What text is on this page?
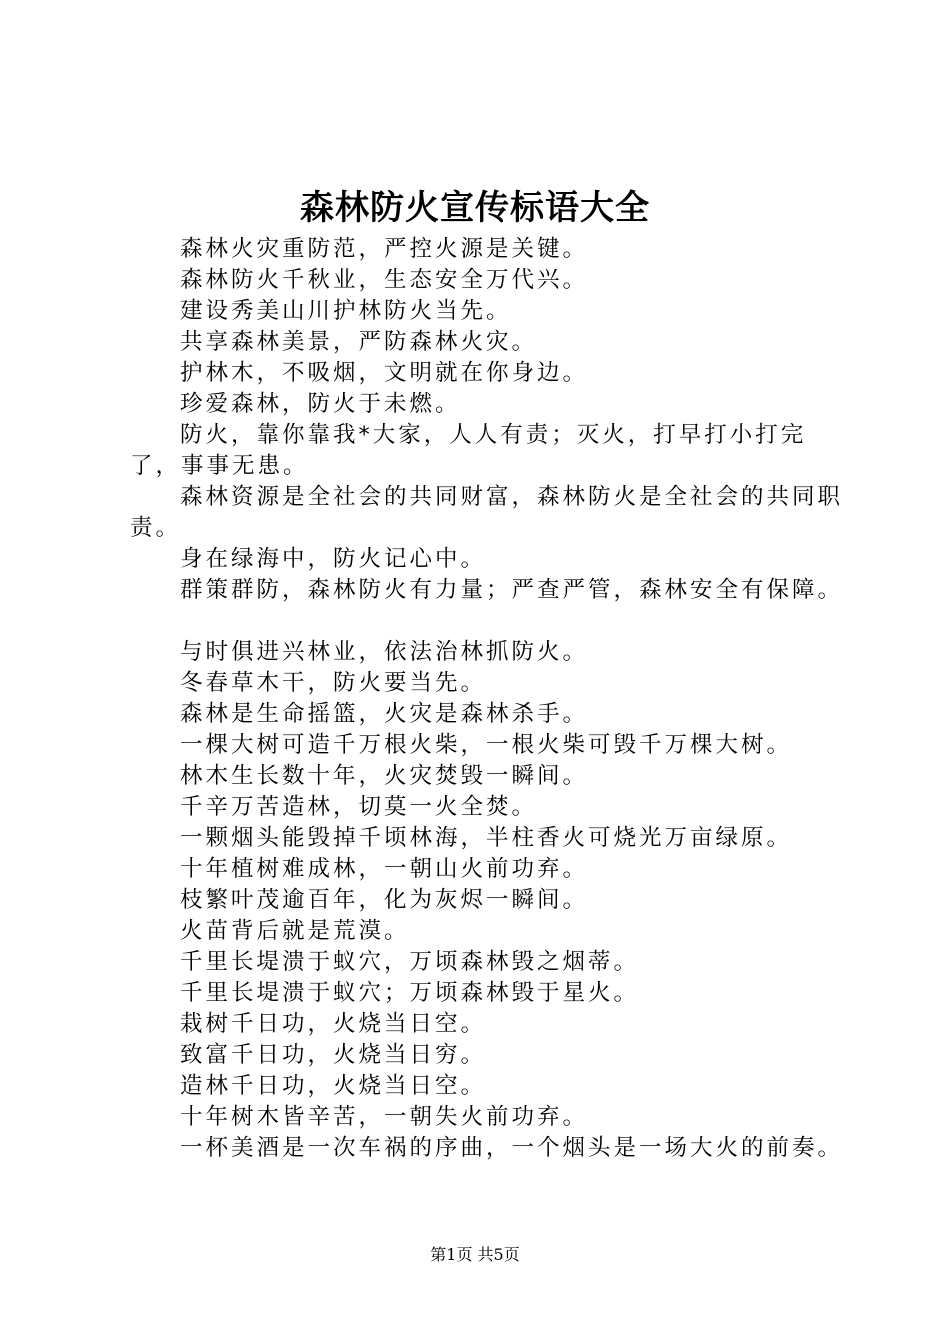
森林防火宣传标语大全

森林火灾重防范，严控火源是关键。

森林防火千秋业，生态安全万代兴。

建设秀美山川护林防火当先。

共享森林美景，严防森林火灾。

护林木，不吸烟，文明就在你身边。

珍爱森林，防火于未燃。

防火，靠你靠我*大家，人人有责；灭火，打早打小打完了，事事无患。

森林资源是全社会的共同财富，森林防火是全社会的共同职责。

身在绿海中，防火记心中。

群策群防，森林防火有力量；严查严管，森林安全有保障。

与时俱进兴林业，依法治林抓防火。

冬春草木干，防火要当先。

森林是生命摇篮，火灾是森林杀手。

一棵大树可造千万根火柴，一根火柴可毁千万棵大树。

林木生长数十年，火灾焚毁一瞬间。

千辛万苦造林，切莫一火全焚。

一颗烟头能毁掉千顷林海，半柱香火可烧光万亩绿原。

十年植树难成林，一朝山火前功弃。

枝繁叶茂逾百年，化为灰烬一瞬间。

火苗背后就是荒漠。

千里长堤溃于蚁穴，万顷森林毁之烟蒂。

千里长堤溃于蚁穴；万顷森林毁于星火。

栽树千日功，火烧当日空。

致富千日功，火烧当日穷。

造林千日功，火烧当日空。

十年树木皆辛苦，一朝失火前功弃。

一杯美酒是一次车祸的序曲，一个烟头是一场大火的前奏。

第1页 共5页
